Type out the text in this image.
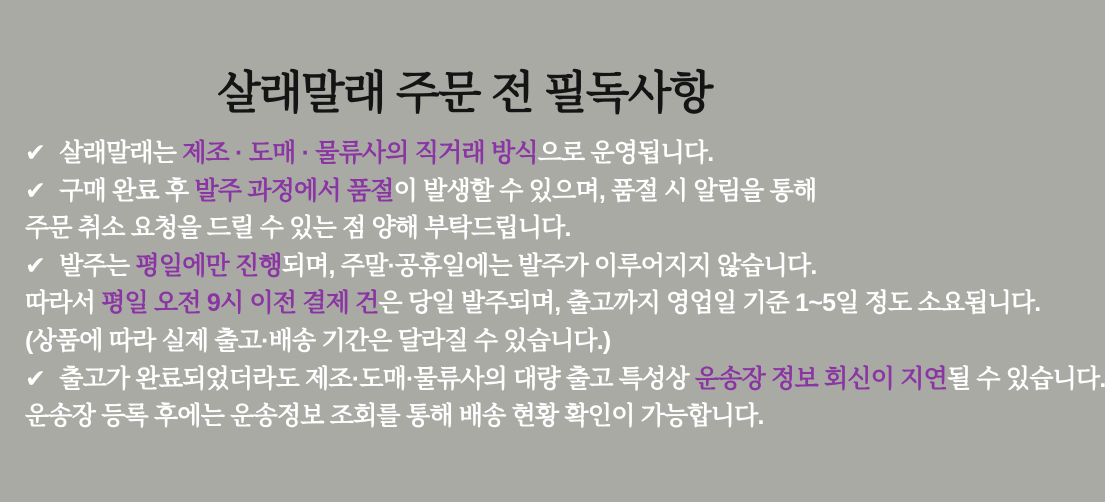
살래말래 주문 전 필독사항
✔ 살래말래는 제조 · 도매 · 물류사의 직거래 방식으로 운영됩니다.
✔ 구매 완료 후 발주 과정에서 품절이 발생할 수 있으며, 품절 시 알림을 통해
주문 취소 요청을 드릴 수 있는 점 양해 부탁드립니다.
✔ 발주는 평일에만 진행되며, 주말·공휴일에는 발주가 이루어지지 않습니다.
따라서 평일 오전 9시 이전 결제 건은 당일 발주되며, 출고까지 영업일 기준 1~5일 정도 소요됩니다.
(상품에 따라 실제 출고·배송 기간은 달라질 수 있습니다.)
✔ 출고가 완료되었더라도 제조·도매·물류사의 대량 출고 특성상 운송장 정보 회신이 지연될 수 있습니다.
운송장 등록 후에는 운송정보 조회를 통해 배송 현황 확인이 가능합니다.
